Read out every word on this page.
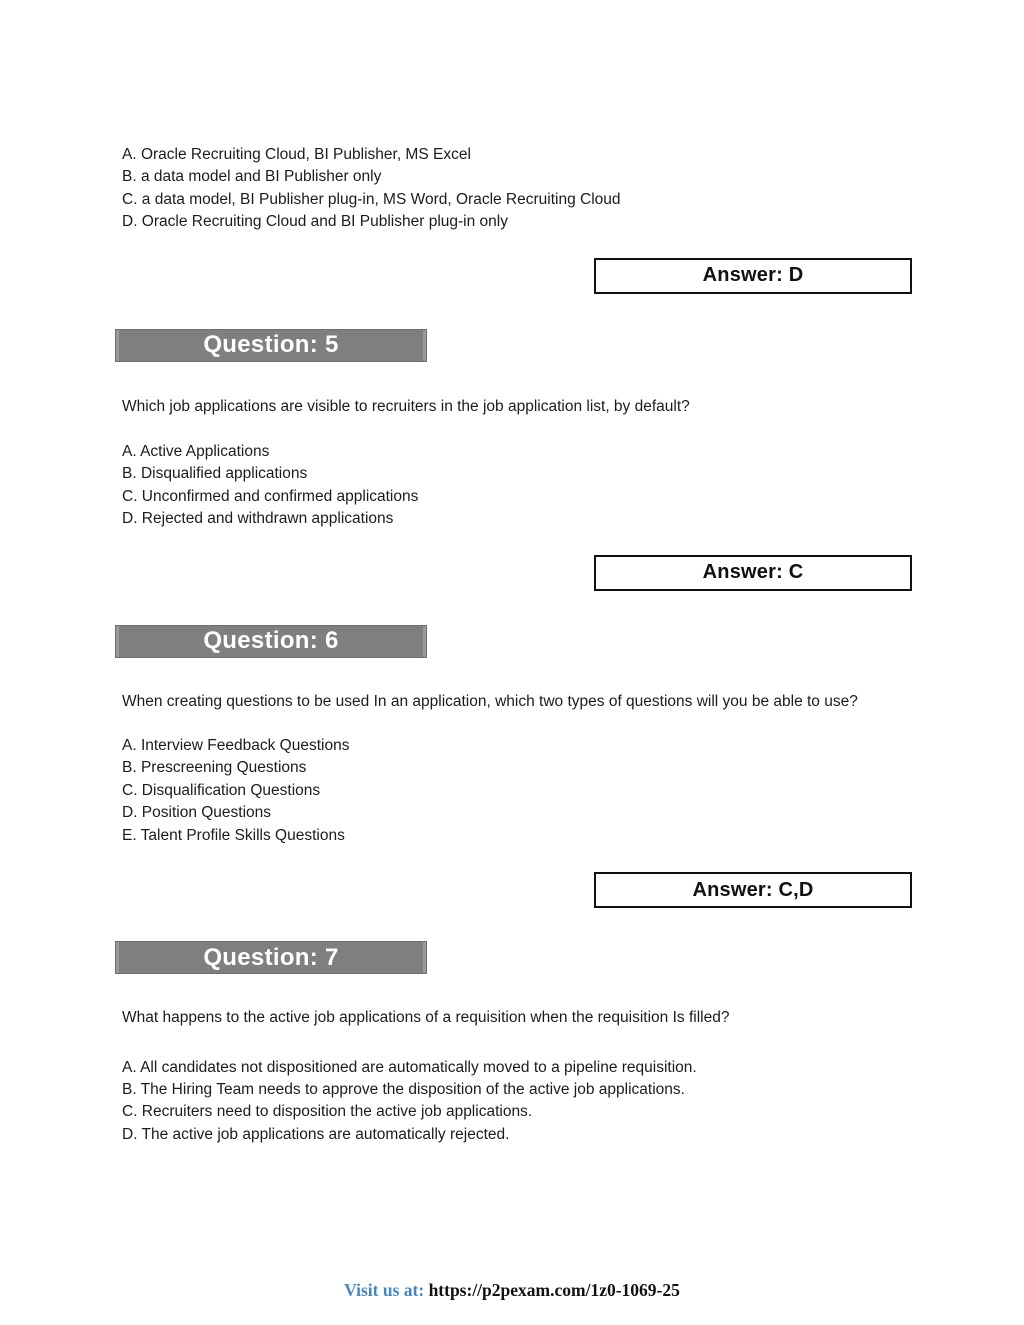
A. Oracle Recruiting Cloud, BI Publisher, MS Excel

B. a data model and BI Publisher only

C. a data model, BI Publisher plug-in, MS Word, Oracle Recruiting Cloud

D. Oracle Recruiting Cloud and BI Publisher plug-in only

Answer: D
Question: 5

Which job applications are visible to recruiters in the job application list, by default?

A. Active Applications

B. Disqualified applications

C. Unconfirmed and confirmed applications

D. Rejected and withdrawn applications

Answer: C
Question: 6

When creating questions to be used In an application, which two types of questions will you be able to use?

A. Interview Feedback Questions

B. Prescreening Questions

C. Disqualification Questions

D. Position Questions

E. Talent Profile Skills Questions

Answer: C,D
Question: 7

What happens to the active job applications of a requisition when the requisition Is filled?

A. All candidates not dispositioned are automatically moved to a pipeline requisition.

B. The Hiring Team needs to approve the disposition of the active job applications.

C. Recruiters need to disposition the active job applications.

D. The active job applications are automatically rejected.

Visit us at: https://p2pexam.com/1z0-1069-25
